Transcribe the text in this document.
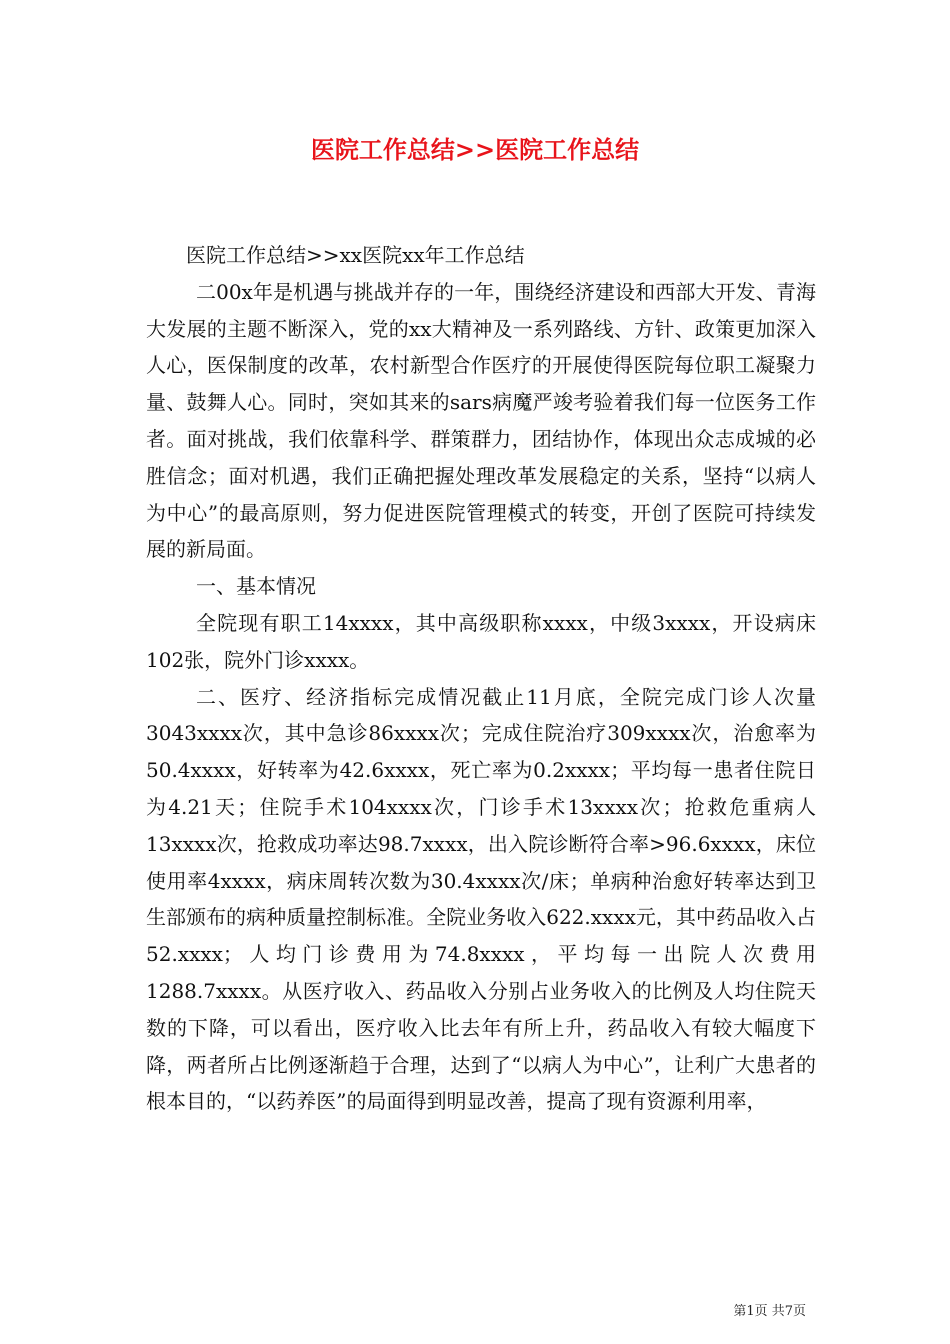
医院工作总结>>医院工作总结

医院工作总结>>xx医院xx年工作总结

二00x年是机遇与挑战并存的一年，围绕经济建设和西部大开发、青海大发展的主题不断深入，党的xx大精神及一系列路线、方针、政策更加深入人心，医保制度的改革，农村新型合作医疗的开展使得医院每位职工凝聚力量、鼓舞人心。同时，突如其来的sars病魔严竣考验着我们每一位医务工作者。面对挑战，我们依靠科学、群策群力，团结协作，体现出众志成城的必胜信念；面对机遇，我们正确把握处理改革发展稳定的关系，坚持“以病人为中心”的最高原则，努力促进医院管理模式的转变，开创了医院可持续发展的新局面。

一、基本情况

全院现有职工14xxxx，其中高级职称xxxx，中级3xxxx，开设病床102张，院外门诊xxxx。

二、医疗、经济指标完成情况截止11月底，全院完成门诊人次量3043xxxx次，其中急诊86xxxx次；完成住院治疗309xxxx次，治愈率为50.4xxxx，好转率为42.6xxxx，死亡率为0.2xxxx；平均每一患者住院日为4.21天；住院手术104xxxx次，门诊手术13xxxx次；抢救危重病人13xxxx次，抢救成功率达98.7xxxx，出入院诊断符合率>96.6xxxx，床位使用率4xxxx，病床周转次数为30.4xxxx次/床；单病种治愈好转率达到卫生部颁布的病种质量控制标准。全院业务收入622.xxxx元，其中药品收入占52.xxxx；人均门诊费用为74.8xxxx，平均每一出院人次费用1288.7xxxx。从医疗收入、药品收入分别占业务收入的比例及人均住院天数的下降，可以看出，医疗收入比去年有所上升，药品收入有较大幅度下降，两者所占比例逐渐趋于合理，达到了“以病人为中心”，让利广大患者的根本目的，“以药养医”的局面得到明显改善，提高了现有资源利用率，

第1页 共7页
